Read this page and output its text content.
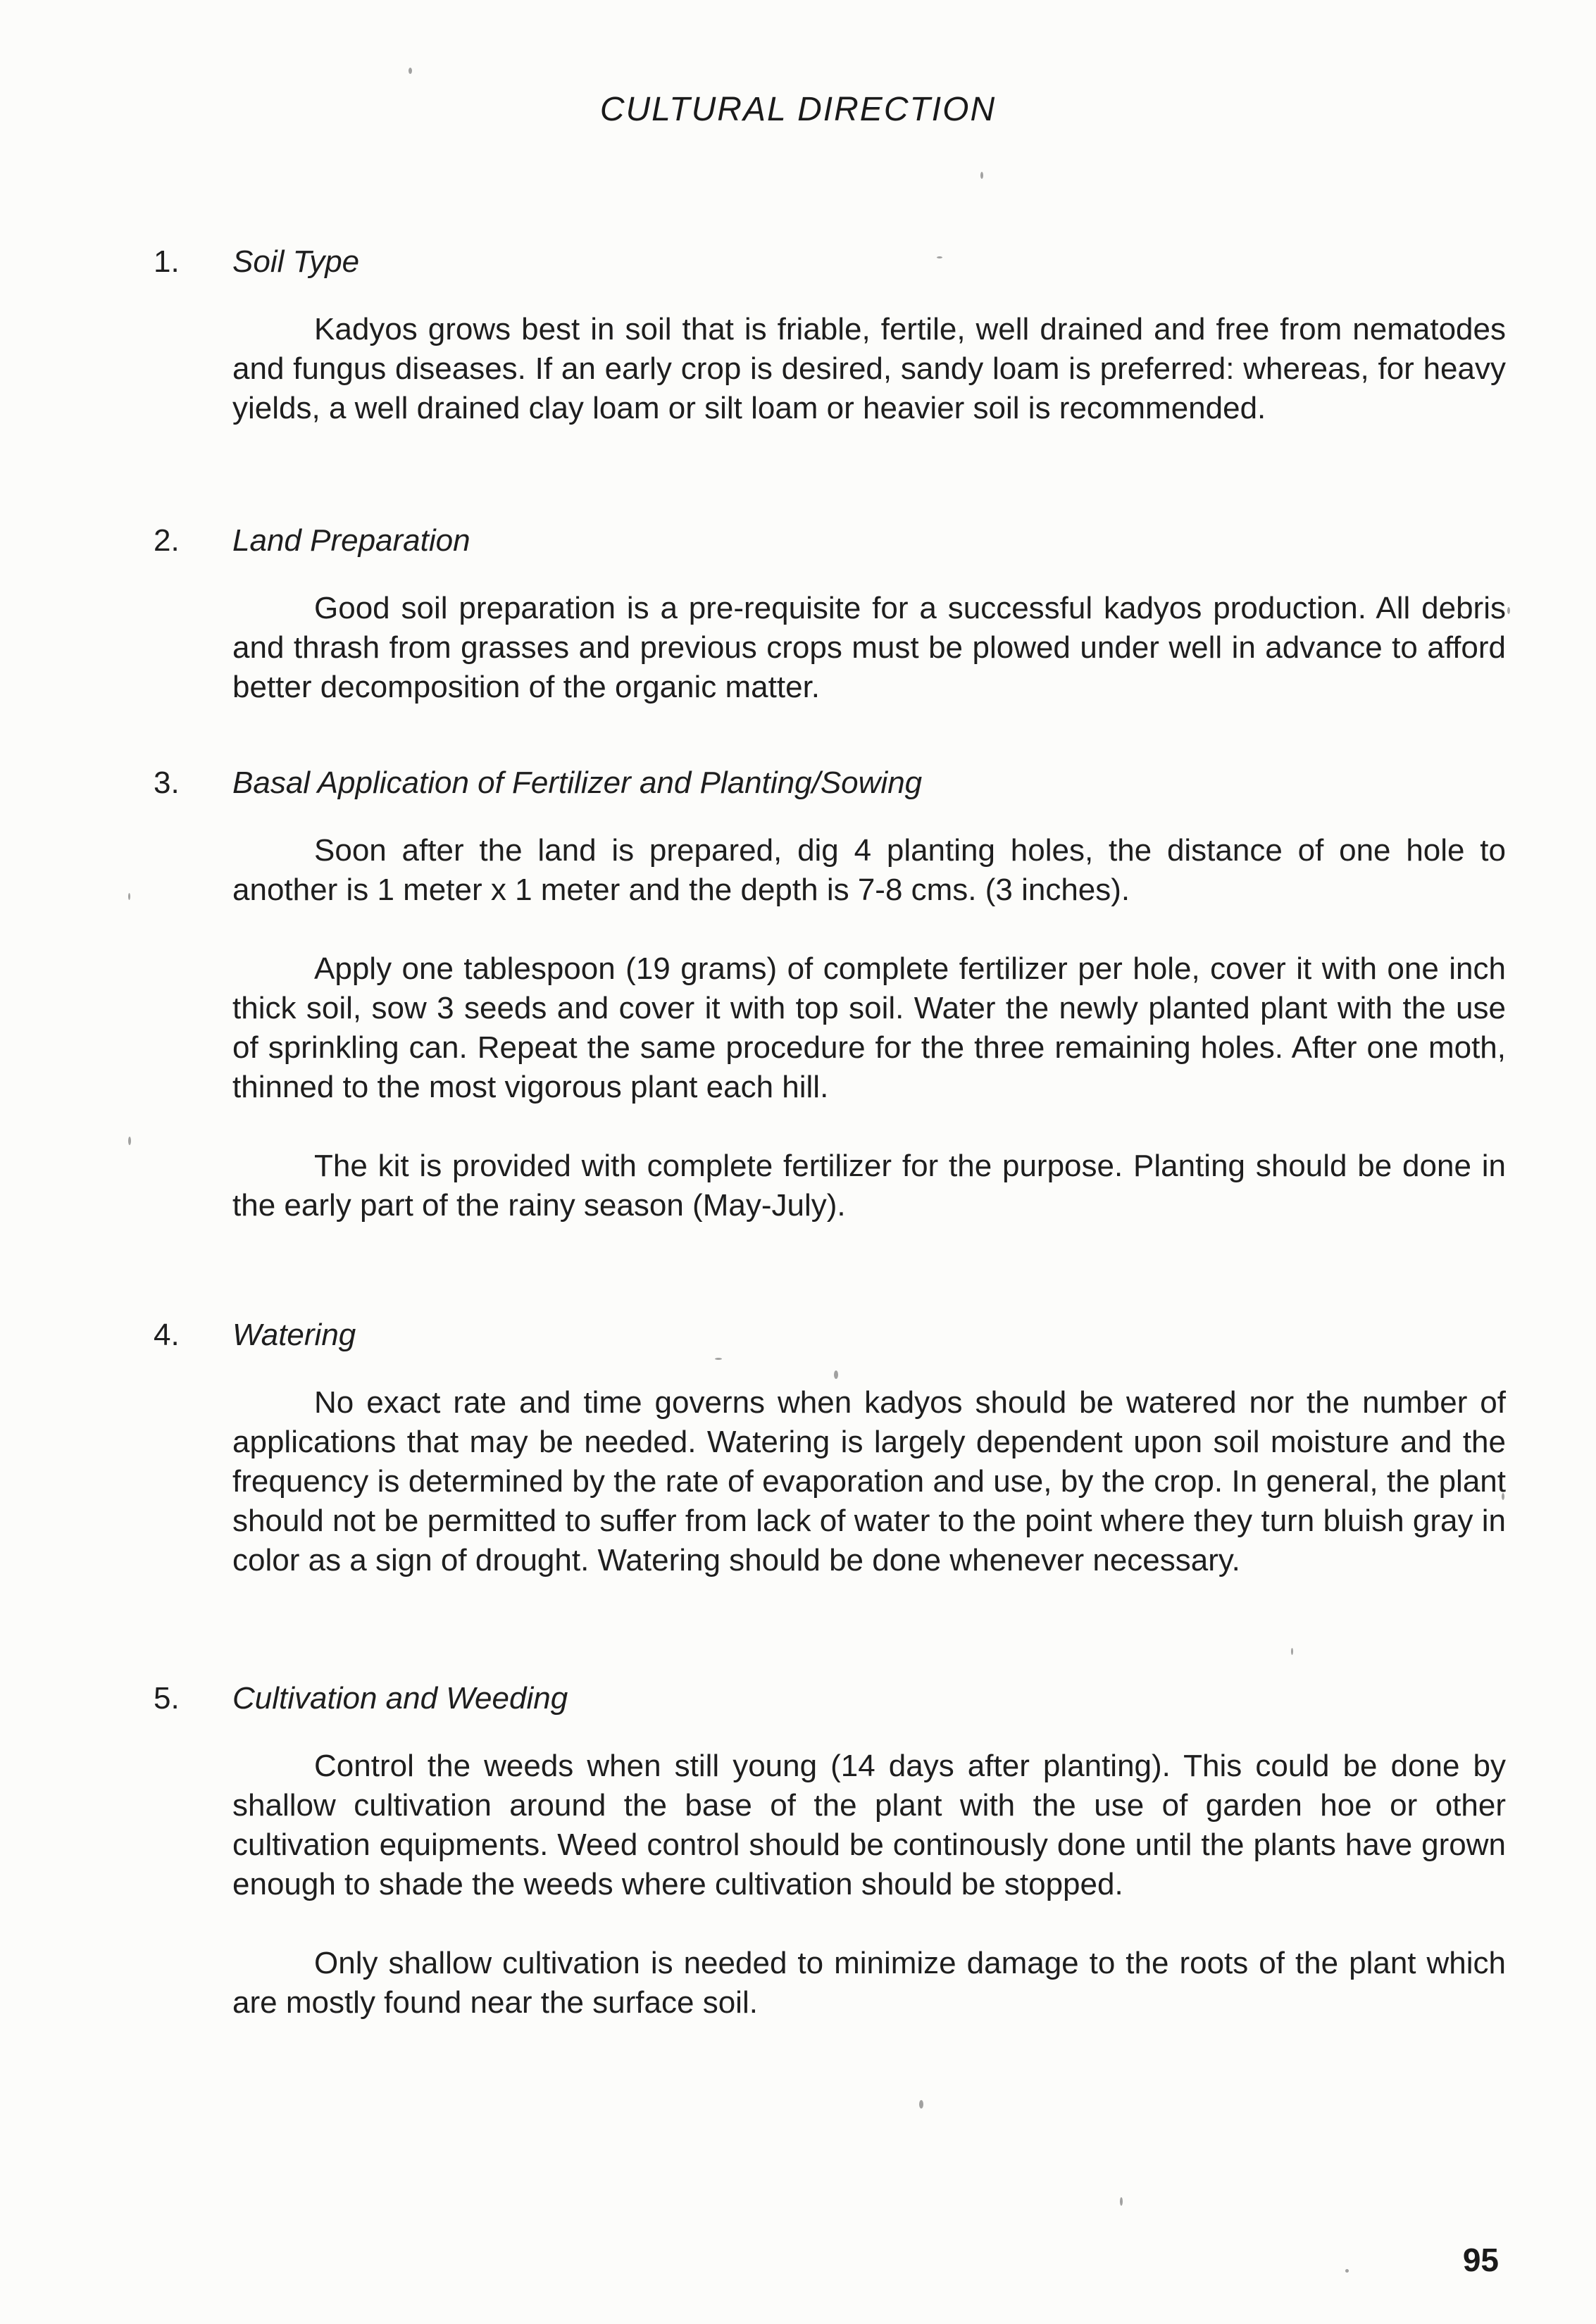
CULTURAL DIRECTION
1. Soil Type

Kadyos grows best in soil that is friable, fertile, well drained and free from nematodes and fungus diseases. If an early crop is desired, sandy loam is preferred: whereas, for heavy yields, a well drained clay loam or silt loam or heavier soil is recommended.

2. Land Preparation

Good soil preparation is a pre-requisite for a successful kadyos production. All debris and thrash from grasses and previous crops must be plowed under well in advance to afford better decomposition of the organic matter.

3. Basal Application of Fertilizer and Planting/Sowing

Soon after the land is prepared, dig 4 planting holes, the distance of one hole to another is 1 meter x 1 meter and the depth is 7-8 cms. (3 inches).

Apply one tablespoon (19 grams) of complete fertilizer per hole, cover it with one inch thick soil, sow 3 seeds and cover it with top soil. Water the newly planted plant with the use of sprinkling can. Repeat the same procedure for the three remaining holes. After one moth, thinned to the most vigorous plant each hill.

The kit is provided with complete fertilizer for the purpose. Planting should be done in the early part of the rainy season (May-July).

4. Watering

No exact rate and time governs when kadyos should be watered nor the number of applications that may be needed. Watering is largely dependent upon soil moisture and the frequency is determined by the rate of evaporation and use, by the crop. In general, the plant should not be permitted to suffer from lack of water to the point where they turn bluish gray in color as a sign of drought. Watering should be done whenever necessary.

5. Cultivation and Weeding

Control the weeds when still young (14 days after planting). This could be done by shallow cultivation around the base of the plant with the use of garden hoe or other cultivation equipments. Weed control should be continously done until the plants have grown enough to shade the weeds where cultivation should be stopped.

Only shallow cultivation is needed to minimize damage to the roots of the plant which are mostly found near the surface soil.

95
